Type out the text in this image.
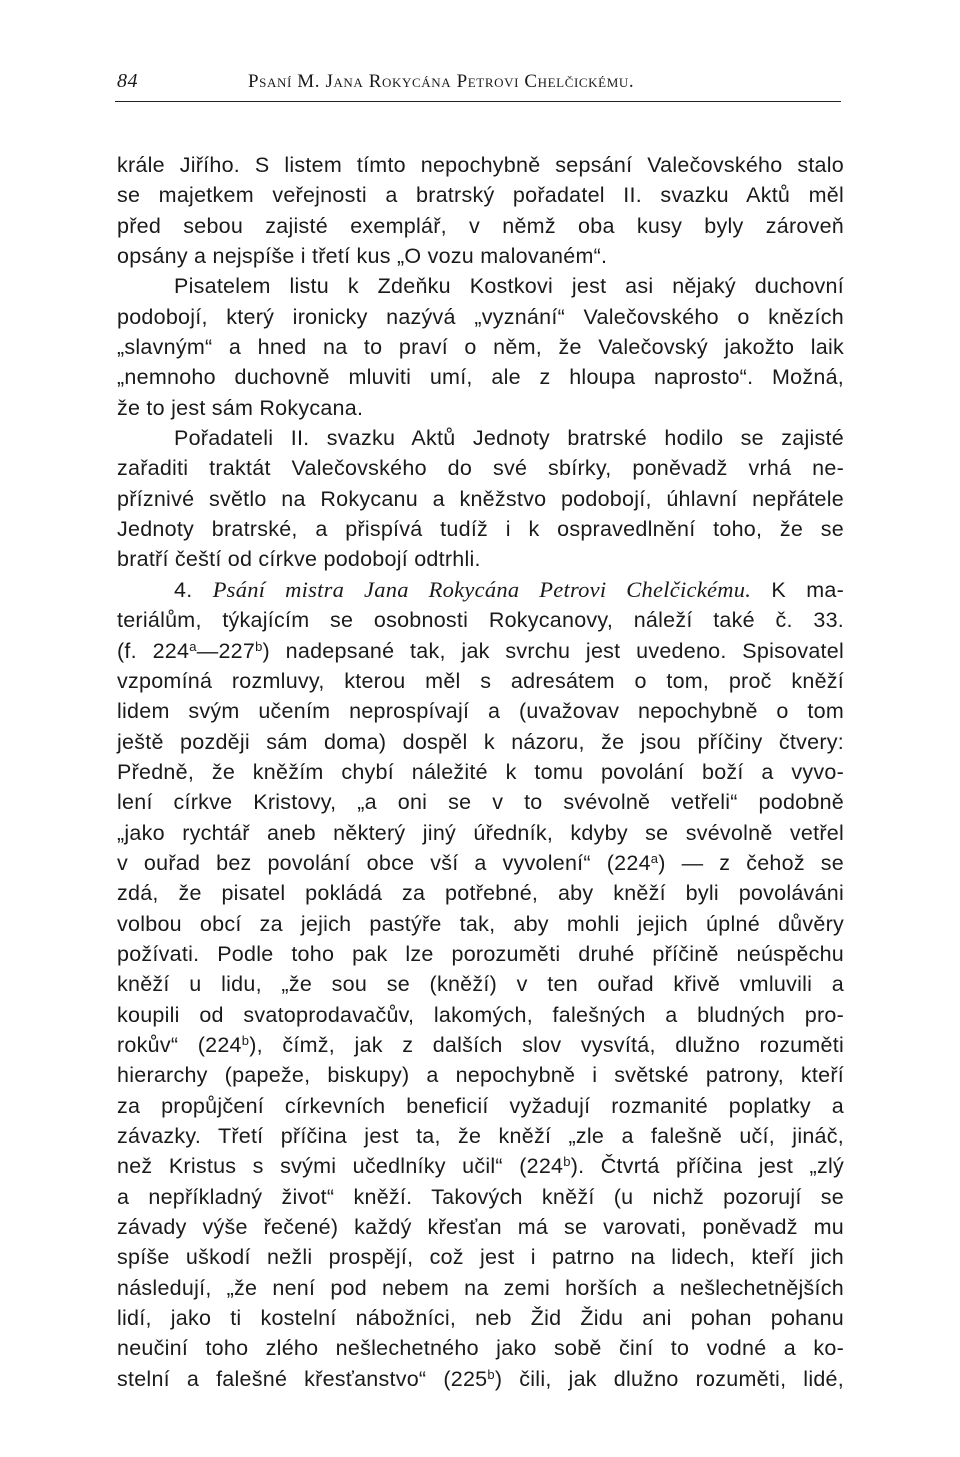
84	Psaní M. Jana Rokycána Petrovi Chelčickému.
krále Jiřího. S listem tímto nepochybně sepsání Valečovského stalo
se majetkem veřejnosti a bratrský pořadatel II. svazku Aktů měl
před sebou zajisté exemplář, v němž oba kusy byly zároveň
opsány a nejspíše i třetí kus „O vozu malovaném“.
Pisatelem listu k Zdeňku Kostkovi jest asi nějaký duchovní
podobojí, který ironicky nazývá „vyznání“ Valečovského o knězích
„slavným“ a hned na to praví o něm, že Valečovský jakožto laik
„nemnoho duchovně mluviti umí, ale z hloupa naprosto“. Možná,
že to jest sám Rokycana.
Pořadateli II. svazku Aktů Jednoty bratrské hodilo se zajisté
zařaditi traktát Valečovského do své sbírky, poněvadž vrhá ne-
příznivé světlo na Rokycanu a kněžstvo podobojí, úhlavní nepřátele
Jednoty bratrské, a přispívá tudíž i k ospravedlnění toho, že se
bratří čeští od církve podobojí odtrhli.
4. Psání mistra Jana Rokycána Petrovi Chelčickému. K ma-
teriálům, týkajícím se osobnosti Rokycanovy, náleží také č. 33.
(f. 224$^a$—227$^b$) nadepsané tak, jak svrchu jest uvedeno. Spisovatel
vzpomíná rozmluvy, kterou měl s adresátem o tom, proč kněží
lidem svým učením neprospívají a (uvažovav nepochybně o tom
ještě později sám doma) dospěl k názoru, že jsou příčiny čtvery:
Předně, že kněžím chybí náležité k tomu povolání boží a vyvo-
lení církve Kristovy, „a oni se v to svévolně vetřeli“ podobně
„jako rychtář aneb některý jiný úředník, kdyby se svévolně vetřel
v ouřad bez povolání obce vší a vyvolení“ (224$^a$) — z čehož se
zdá, že pisatel pokládá za potřebné, aby kněží byli povoláváni
volbou obcí za jejich pastýře tak, aby mohli jejich úplné důvěry
požívati. Podle toho pak lze porozuměti druhé příčině neúspěchu
kněží u lidu, „že sou se (kněží) v ten ouřad křivě vmluvili a
koupili od svatoprodavačův, lakomých, falešných a bludných pro-
rokův“ (224$^b$), čímž, jak z dalších slov vysvítá, dlužno rozuměti
hierarchy (papeže, biskupy) a nepochybně i světské patrony, kteří
za propůjčení církevních beneficií vyžadují rozmanité poplatky a
závazky. Třetí příčina jest ta, že kněží „zle a falešně učí, jináč,
než Kristus s svými učedlníky učil“ (224$^b$). Čtvrtá příčina jest „zlý
a nepříkladný život“ kněží. Takových kněží (u nichž pozorují se
závady výše řečené) každý křesťan má se varovati, poněvadž mu
spíše uškodí nežli prospějí, což jest i patrno na lidech, kteří jich
následují, „že není pod nebem na zemi horších a nešlechetnějších
lidí, jako ti kostelní nábožníci, neb Žid Židu ani pohan pohanu
neučiní toho zlého nešlechetného jako sobě činí to vodné a ko-
stelní a falešné křesťanstvo“ (225$^b$) čili, jak dlužno rozuměti, lidé,
